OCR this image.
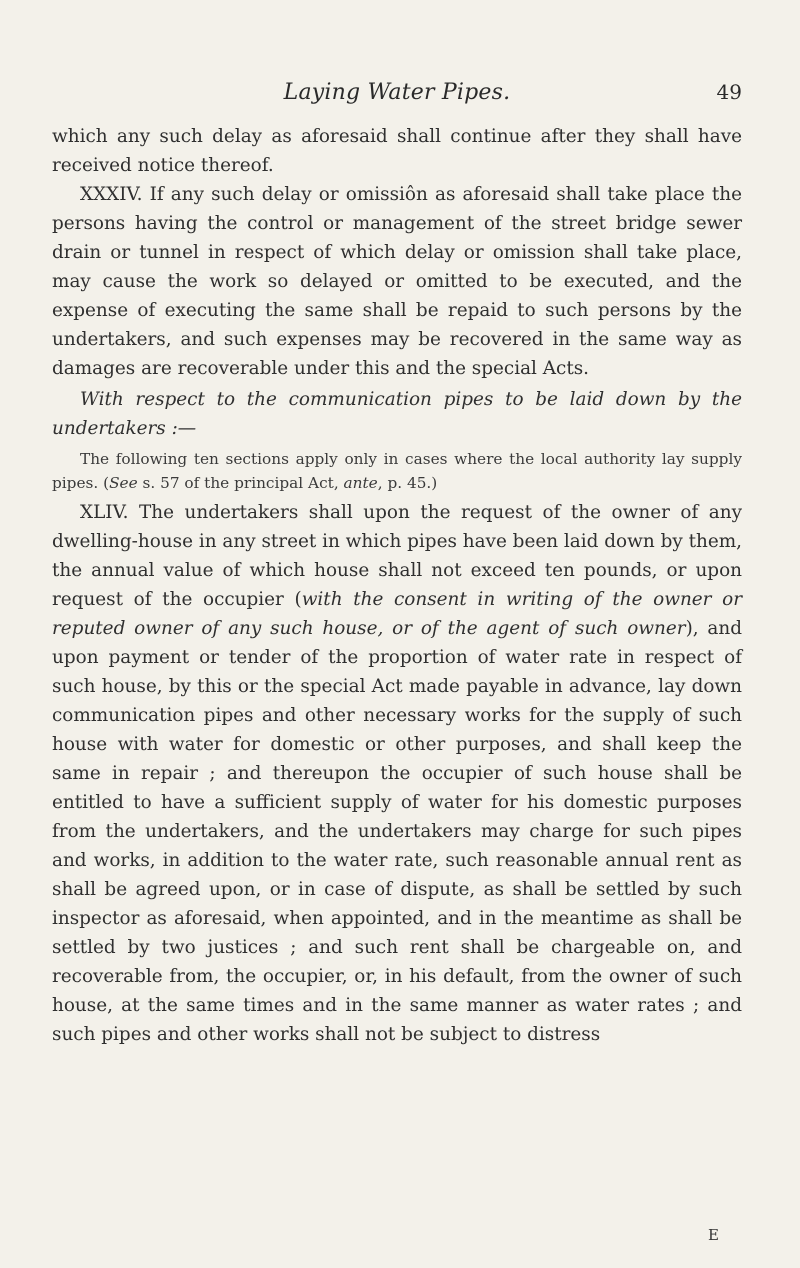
Laying Water Pipes.	49

which any such delay as aforesaid shall continue after they shall have received notice thereof.

XXXIV. If any such delay or omissiôn as aforesaid shall take place the persons having the control or management of the street bridge sewer drain or tunnel in respect of which delay or omission shall take place, may cause the work so delayed or omitted to be executed, and the expense of executing the same shall be repaid to such persons by the undertakers, and such expenses may be recovered in the same way as damages are recoverable under this and the special Acts.

With respect to the communication pipes to be laid down by the undertakers :—

The following ten sections apply only in cases where the local authority lay supply pipes. (See s. 57 of the principal Act, ante, p. 45.)

XLIV. The undertakers shall upon the request of the owner of any dwelling-house in any street in which pipes have been laid down by them, the annual value of which house shall not exceed ten pounds, or upon request of the occupier (with the consent in writing of the owner or reputed owner of any such house, or of the agent of such owner), and upon payment or tender of the proportion of water rate in respect of such house, by this or the special Act made payable in advance, lay down communication pipes and other necessary works for the supply of such house with water for domestic or other purposes, and shall keep the same in repair ; and thereupon the occupier of such house shall be entitled to have a sufficient supply of water for his domestic purposes from the undertakers, and the undertakers may charge for such pipes and works, in addition to the water rate, such reasonable annual rent as shall be agreed upon, or in case of dispute, as shall be settled by such inspector as aforesaid, when appointed, and in the meantime as shall be settled by two justices ; and such rent shall be chargeable on, and recoverable from, the occupier, or, in his default, from the owner of such house, at the same times and in the same manner as water rates ; and such pipes and other works shall not be subject to distress

E
